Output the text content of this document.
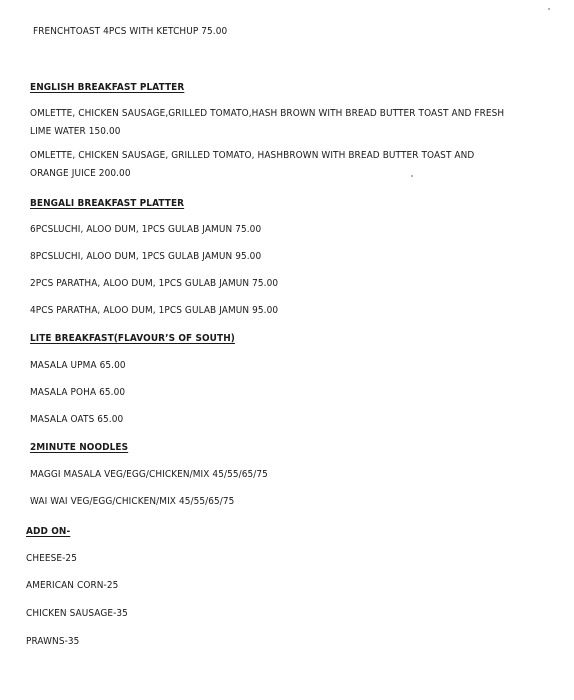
FRENCHTOAST 4PCS WITH KETCHUP 75.00
ENGLISH BREAKFAST PLATTER
OMLETTE, CHICKEN SAUSAGE,GRILLED TOMATO,HASH BROWN WITH BREAD BUTTER TOAST AND FRESH
LIME WATER 150.00
OMLETTE, CHICKEN SAUSAGE, GRILLED TOMATO, HASHBROWN WITH BREAD BUTTER TOAST AND
ORANGE JUICE 200.00
BENGALI BREAKFAST PLATTER
6PCSLUCHI, ALOO DUM, 1PCS GULAB JAMUN 75.00
8PCSLUCHI, ALOO DUM, 1PCS GULAB JAMUN 95.00
2PCS PARATHA, ALOO DUM, 1PCS GULAB JAMUN 75.00
4PCS PARATHA, ALOO DUM, 1PCS GULAB JAMUN 95.00
LITE BREAKFAST(FLAVOUR’S OF SOUTH)
MASALA UPMA 65.00
MASALA POHA 65.00
MASALA OATS 65.00
2MINUTE NOODLES
MAGGI MASALA VEG/EGG/CHICKEN/MIX 45/55/65/75
WAI WAI VEG/EGG/CHICKEN/MIX 45/55/65/75
ADD ON-
CHEESE-25
AMERICAN CORN-25
CHICKEN SAUSAGE-35
PRAWNS-35
